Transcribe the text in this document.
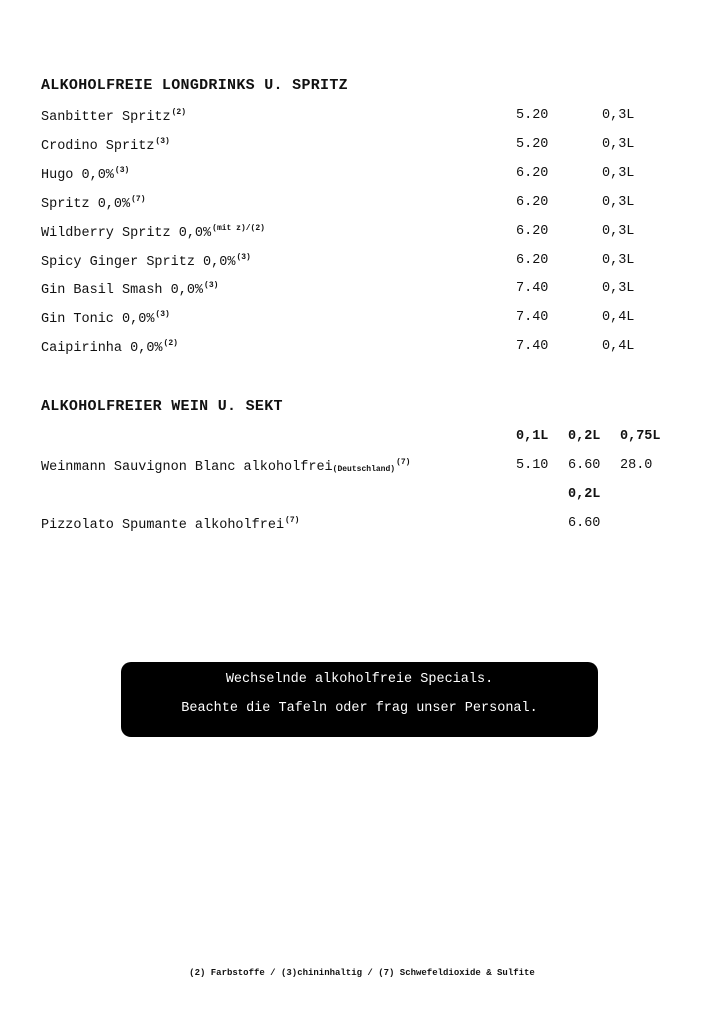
ALKOHOLFREIE LONGDRINKS U. SPRITZ
Sanbitter Spritz$^{(2)}$	5.20	0,3L
Crodino Spritz$^{(3)}$	5.20	0,3L
Hugo 0,0%$^{(3)}$	6.20	0,3L
Spritz 0,0%$^{(7)}$	6.20	0,3L
Wildberry Spritz 0,0%$^{(mit z)/(2)}$	6.20	0,3L
Spicy Ginger Spritz 0,0%$^{(3)}$	6.20	0,3L
Gin Basil Smash 0,0%$^{(3)}$	7.40	0,3L
Gin Tonic 0,0%$^{(3)}$	7.40	0,4L
Caipirinha 0,0%$^{(2)}$	7.40	0,4L
ALKOHOLFREIER WEIN U. SEKT
0,1L 0,2L 0,75L
Weinmann Sauvignon Blanc alkoholfrei$_{(Deutschland)}^{(7)}$	5.10 6.60 28.0
0,2L
Pizzolato Spumante alkoholfrei$^{(7)}$	6.60
Wechselnde alkoholfreie Specials.
Beachte die Tafeln oder frag unser Personal.
(2) Farbstoffe / (3)chininhaltig / (7) Schwefeldioxide & Sulfite
